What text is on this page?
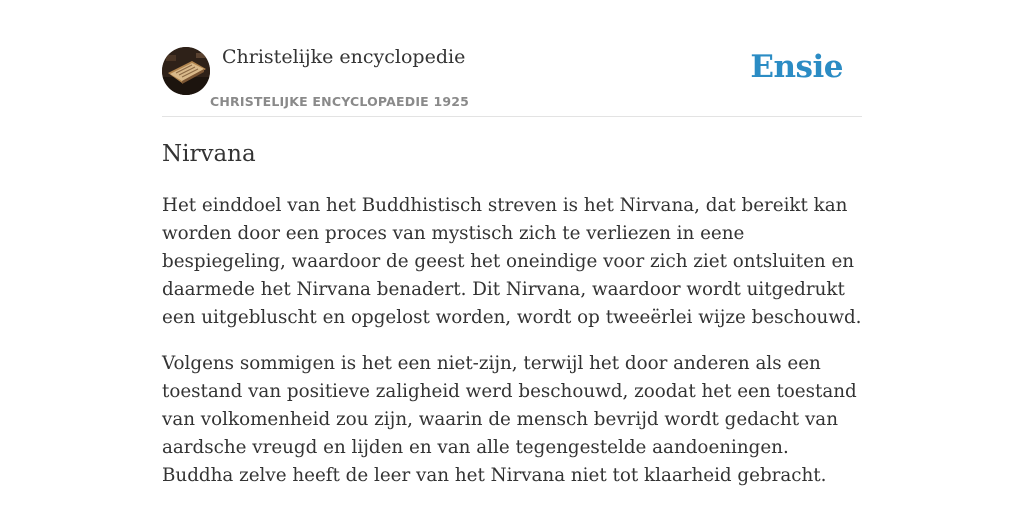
Christelijke encyclopedie
CHRISTELIJKE ENCYCLOPAEDIE 1925
Ensie
Nirvana

Het einddoel van het Buddhistisch streven is het Nirvana, dat bereikt kan worden door een proces van mystisch zich te verliezen in eene bespiegeling, waardoor de geest het oneindige voor zich ziet ontsluiten en daarmede het Nirvana benadert. Dit Nirvana, waardoor wordt uitgedrukt een uitgebluscht en opgelost worden, wordt op tweeërlei wijze beschouwd.

Volgens sommigen is het een niet-zijn, terwijl het door anderen als een toestand van positieve zaligheid werd beschouwd, zoodat het een toestand van volkomenheid zou zijn, waarin de mensch bevrijd wordt gedacht van aardsche vreugd en lijden en van alle tegengestelde aandoeningen. Buddha zelve heeft de leer van het Nirvana niet tot klaarheid gebracht.
